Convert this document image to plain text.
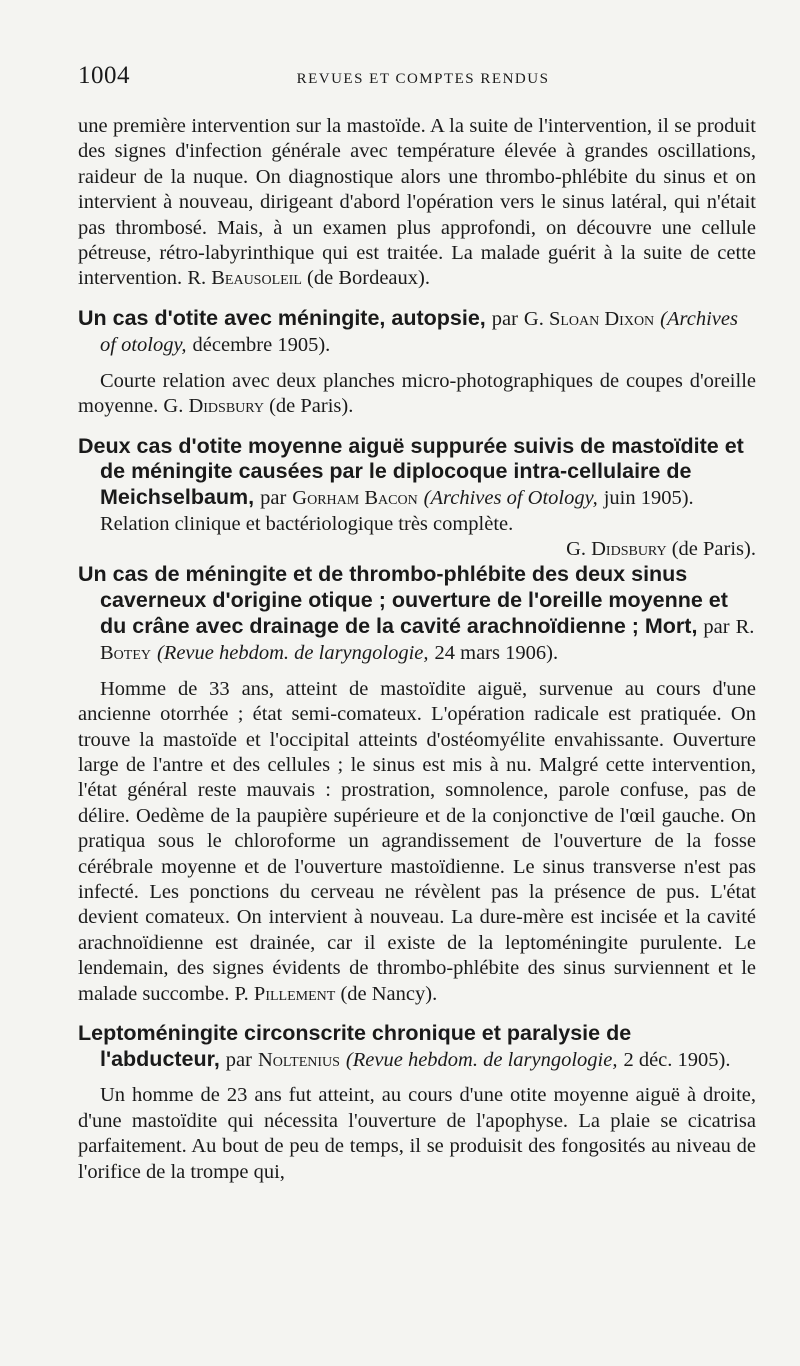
1004	REVUES ET COMPTES RENDUS

une première intervention sur la mastoïde. A la suite de l'intervention, il se produit des signes d'infection générale avec température élevée à grandes oscillations, raideur de la nuque. On diagnostique alors une thrombo-phlébite du sinus et on intervient à nouveau, dirigeant d'abord l'opération vers le sinus latéral, qui n'était pas thrombosé. Mais, à un examen plus approfondi, on découvre une cellule pétreuse, rétro-labyrinthique qui est traitée. La malade guérit à la suite de cette intervention. R. Beausoleil (de Bordeaux).

Un cas d'otite avec méningite, autopsie, par G. Sloan Dixon (Archives of otology, décembre 1905).

Courte relation avec deux planches micro-photographiques de coupes d'oreille moyenne. G. Didsbury (de Paris).

Deux cas d'otite moyenne aiguë suppurée suivis de mastoïdite et de méningite causées par le diplocoque intra-cellulaire de Meichselbaum, par Gorham Bacon (Archives of Otology, juin 1905).

Relation clinique et bactériologique très complète.

G. Didsbury (de Paris).

Un cas de méningite et de thrombo-phlébite des deux sinus caverneux d'origine otique ; ouverture de l'oreille moyenne et du crâne avec drainage de la cavité arachnoïdienne ; Mort, par R. Botey (Revue hebdom. de laryngologie, 24 mars 1906).

Homme de 33 ans, atteint de mastoïdite aiguë, survenue au cours d'une ancienne otorrhée ; état semi-comateux. L'opération radicale est pratiquée. On trouve la mastoïde et l'occipital atteints d'ostéomyélite envahissante. Ouverture large de l'antre et des cellules ; le sinus est mis à nu. Malgré cette intervention, l'état général reste mauvais : prostration, somnolence, parole confuse, pas de délire. Oedème de la paupière supérieure et de la conjonctive de l'œil gauche. On pratiqua sous le chloroforme un agrandissement de l'ouverture de la fosse cérébrale moyenne et de l'ouverture mastoïdienne. Le sinus transverse n'est pas infecté. Les ponctions du cerveau ne révèlent pas la présence de pus. L'état devient comateux. On intervient à nouveau. La dure-mère est incisée et la cavité arachnoïdienne est drainée, car il existe de la leptoméningite purulente. Le lendemain, des signes évidents de thrombo-phlébite des sinus surviennent et le malade succombe. P. Pillement (de Nancy).

Leptoméningite circonscrite chronique et paralysie de l'abducteur, par Noltenius (Revue hebdom. de laryngologie, 2 déc. 1905).

Un homme de 23 ans fut atteint, au cours d'une otite moyenne aiguë à droite, d'une mastoïdite qui nécessita l'ouverture de l'apophyse. La plaie se cicatrisa parfaitement. Au bout de peu de temps, il se produisit des fongosités au niveau de l'orifice de la trompe qui,
